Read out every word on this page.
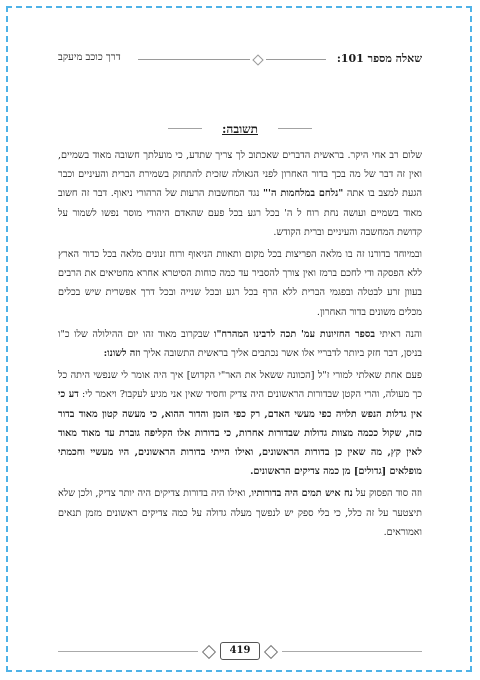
שאלה מספר 101:
דרך כוכב מיעקב
תשובה:

שלום רב אחי היקר. בראשית הדברים שאכתוב לך צריך שתדע, כי מועלתך חשובה מאוד בשמיים, ואין זה דבר של מה בכך בדור האחרון לפני הגאולה שזכית להתחזק בשמירת הברית והעיניים וכבר הגעת למצב בו אתה "נלחם במלחמות ה'" נגד המחשבות הרעות של הרהורי ניאוף. דבר זה חשוב מאוד בשמיים ועושה נחת רוח ל ה' בכל רגע בכל פעם שהאדם היהודי מוסר נפשו לשמור על קדושת המחשבה והעיניים וברית הקודש.

ובמיוחד בדורנו זה בו מלאה הפריצות בכל מקום ותאוות הניאוף ורוח זנונים מלאה בכל כדור הארץ ללא הפסקה ודי לחכם ברמז ואין צורך להסביר עד כמה כוחות הסיטרא אחרא מחטיאים את הרבים בעוון זרע לבטלה ובפגמי הברית ללא הרף בכל רגע ובכל שנייה ובכל דרך אפשרית שיש בכלים מכלים משונים בדור האחרון.

והנה ראיתי בספר החזיונות עמ' תכה לרבינו המהרח"ו שבקרוב מאוד זהו יום ההילולה שלו כ"ו בניסן, דבר חזק ביותר לדבריי אלו אשר נכתבים אליך בראשית התשובה אליך וזה לשונו:

פעם אחת שאלתי למורי ז"ל [הכוונה ששאל את האר"י הקדוש] איך היה אומר לי שנפשי היתה כל כך מעולה, והרי הקטן שבדורות הראשונים היה צדיק וחסיד שאין אני מגיע לעקבו? ויאמר לי: דע כי אין גדלות הנפש תלויה כפי מעשי האדם, רק כפי הזמן והדור ההוא, כי מעשה קטון מאוד בדור כזה, שקול ככמה מצוות גדולות שבדורות אחרות, כי בדורות אלו הקליפה גוברת עד מאוד מאוד לאין קץ, מה שאין כן בדורות הראשונים, ואילו הייתי בדורות הראשונים, היו מעשיי וחכמתי מופלאים [גדולים] מן כמה צדיקים הראשונים.

וזה סוד הפסוק על נח איש תמים היה בדורותיו, ואילו היה בדורות צדיקים היה יותר צדיק, ולכן שלא תיצטער על זה כלל, כי בלי ספק יש לנפשך מעלה גדולה על כמה צדיקים ראשונים מזמן תנאים ואמוראים.

419
